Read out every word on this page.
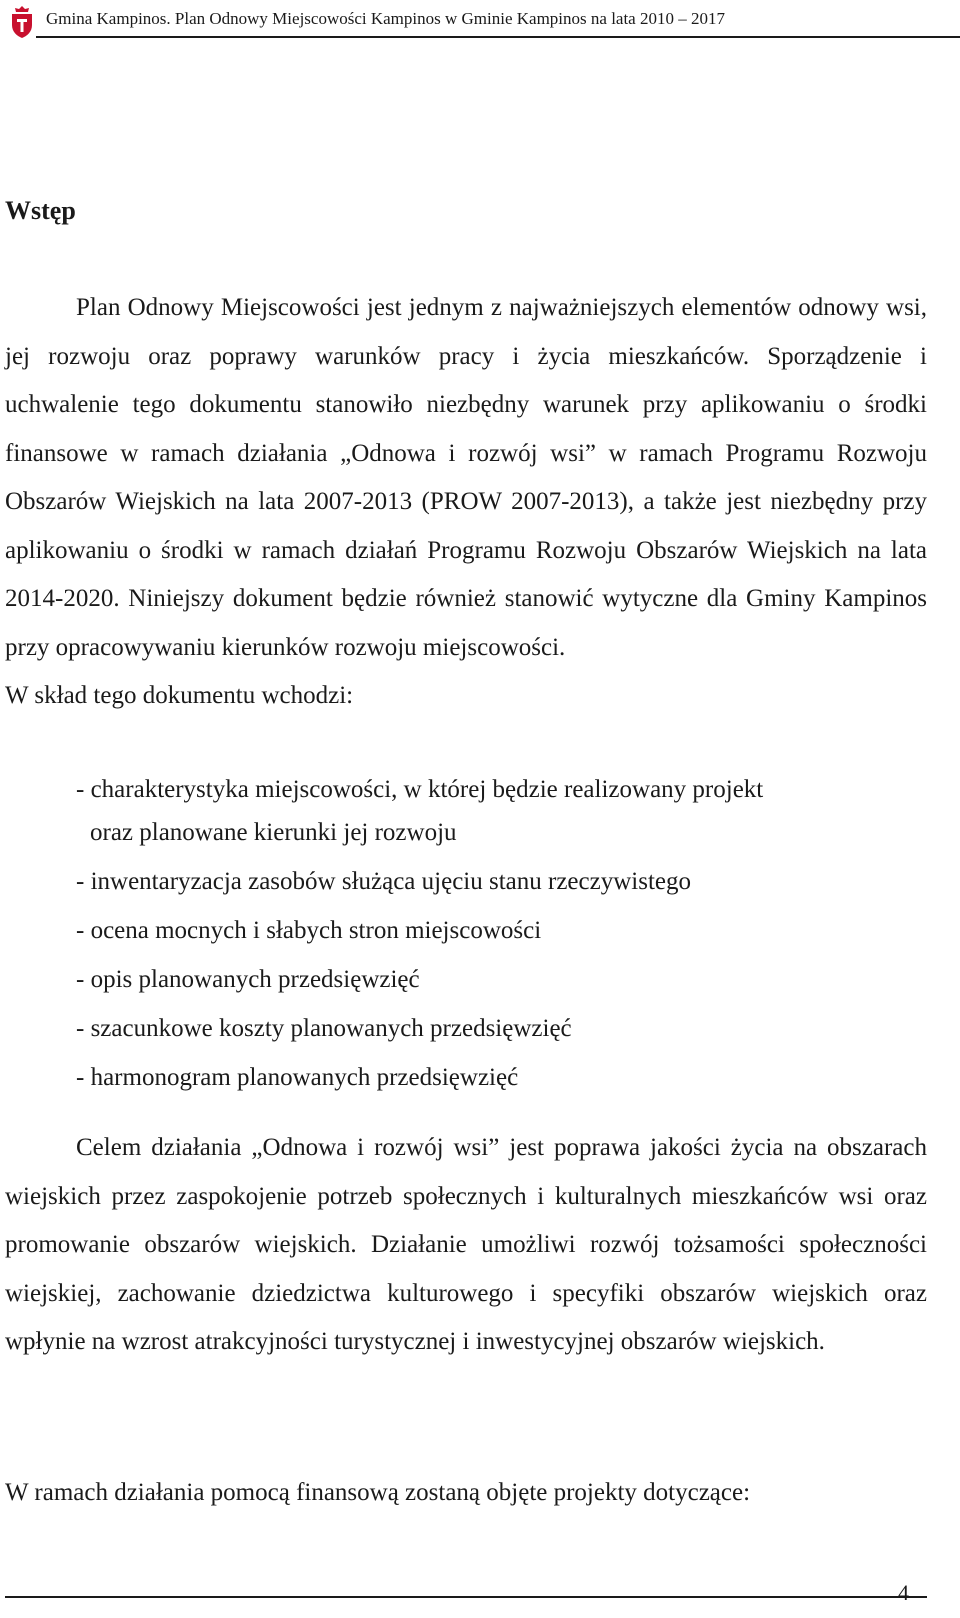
Gmina Kampinos. Plan Odnowy Miejscowości Kampinos w Gminie Kampinos na lata 2010 – 2017
Wstęp

Plan Odnowy Miejscowości jest jednym z najważniejszych elementów odnowy wsi, jej rozwoju oraz poprawy warunków pracy i życia mieszkańców. Sporządzenie i uchwalenie tego dokumentu stanowiło niezbędny warunek przy aplikowaniu o środki finansowe w ramach działania „Odnowa i rozwój wsi” w ramach Programu Rozwoju Obszarów Wiejskich na lata 2007-2013 (PROW 2007-2013), a także jest niezbędny przy aplikowaniu o środki w ramach działań Programu Rozwoju Obszarów Wiejskich na lata 2014-2020. Niniejszy dokument będzie również stanowić wytyczne dla Gminy Kampinos przy opracowywaniu kierunków rozwoju miejscowości.

W skład tego dokumentu wchodzi:

- charakterystyka miejscowości, w której będzie realizowany projekt
oraz planowane kierunki jej rozwoju
- inwentaryzacja zasobów służąca ujęciu stanu rzeczywistego
- ocena mocnych i słabych stron miejscowości
- opis planowanych przedsięwzięć
- szacunkowe koszty planowanych przedsięwzięć
- harmonogram planowanych przedsięwzięć

Celem działania „Odnowa i rozwój wsi” jest poprawa jakości życia na obszarach wiejskich przez zaspokojenie potrzeb społecznych i kulturalnych mieszkańców wsi oraz promowanie obszarów wiejskich. Działanie umożliwi rozwój tożsamości społeczności wiejskiej, zachowanie dziedzictwa kulturowego i specyfiki obszarów wiejskich oraz wpłynie na wzrost atrakcyjności turystycznej i inwestycyjnej obszarów wiejskich.

W ramach działania pomocą finansową zostaną objęte projekty dotyczące:

4
